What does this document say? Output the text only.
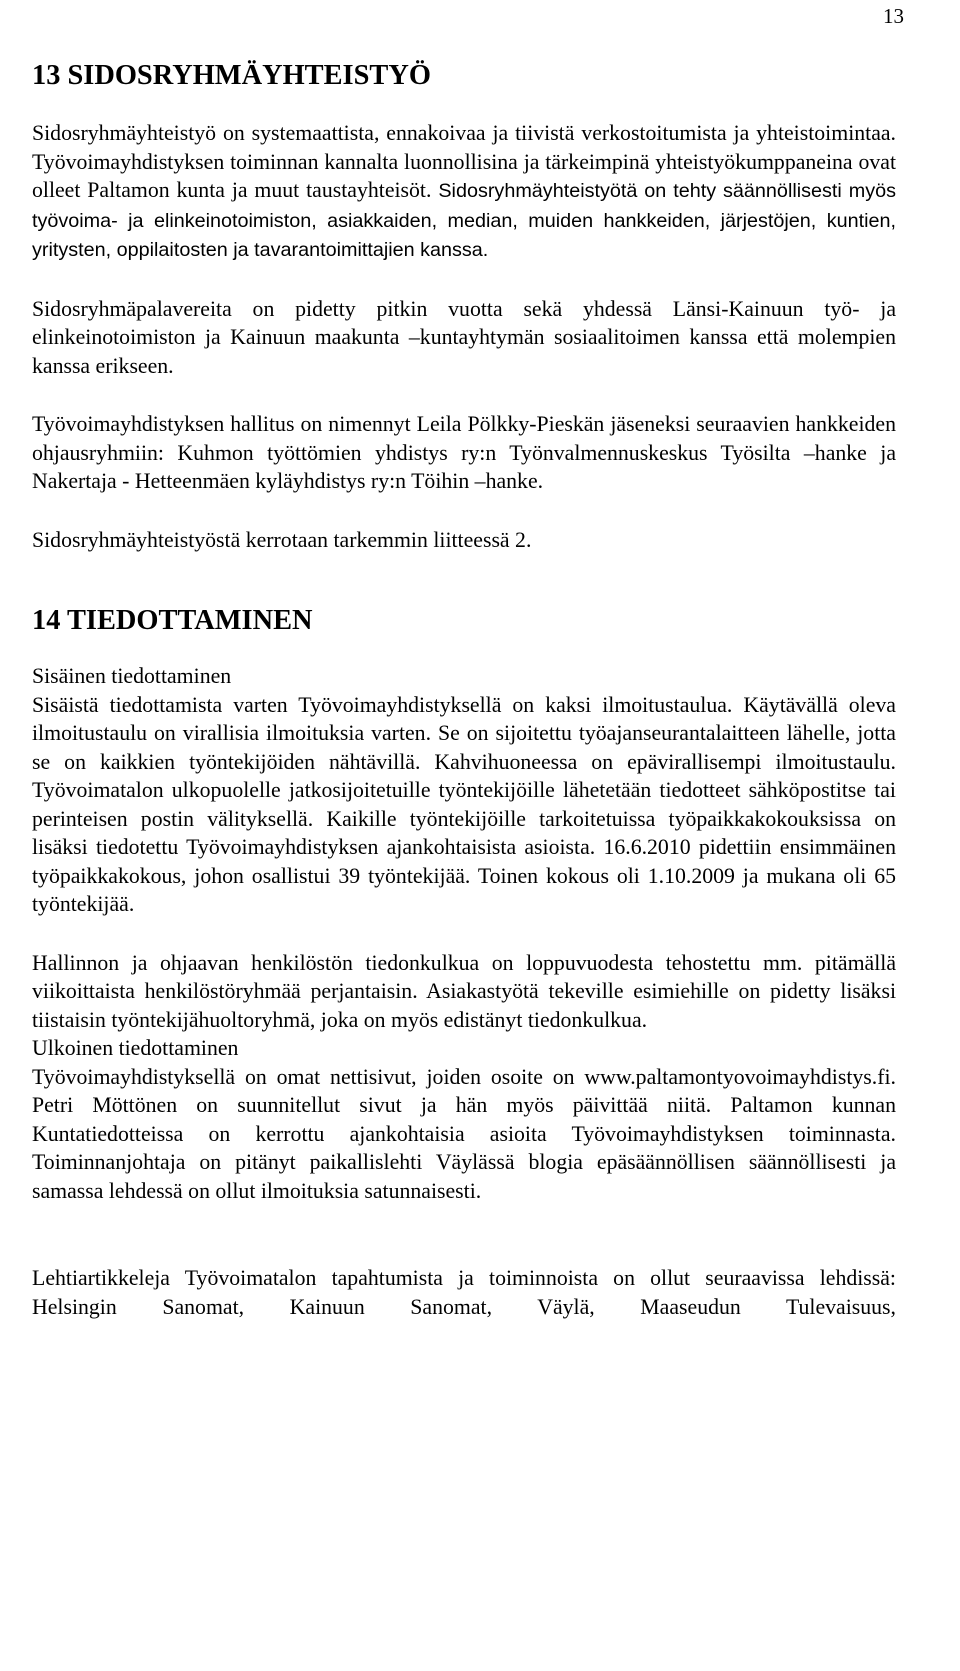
13
13 SIDOSRYHMÄYHTEISTYÖ

Sidosryhmäyhteistyö on systemaattista, ennakoivaa ja tiivistä verkostoitumista ja yhteistoimintaa. Työvoimayhdistyksen toiminnan kannalta luonnollisina ja tärkeimpinä yhteistyökumppaneina ovat olleet Paltamon kunta ja muut taustayhteisöt. Sidosryhmäyhteistyötä on tehty säännöllisesti myös työvoima- ja elinkeinotoimiston, asiakkaiden, median, muiden hankkeiden, järjestöjen, kuntien, yritysten, oppilaitosten ja tavarantoimittajien kanssa.

Sidosryhmäpalavereita on pidetty pitkin vuotta sekä yhdessä Länsi-Kainuun työ- ja elinkeinotoimiston ja Kainuun maakunta –kuntayhtymän sosiaalitoimen kanssa että molempien kanssa erikseen.

Työvoimayhdistyksen hallitus on nimennyt Leila Pölkky-Pieskän jäseneksi seuraavien hankkeiden ohjausryhmiin: Kuhmon työttömien yhdistys ry:n Työnvalmennuskeskus Työsilta –hanke ja Nakertaja - Hetteenmäen kyläyhdistys ry:n Töihin –hanke.

Sidosryhmäyhteistyöstä kerrotaan tarkemmin liitteessä 2.

14 TIEDOTTAMINEN
Sisäinen tiedottaminen

Sisäistä tiedottamista varten Työvoimayhdistyksellä on kaksi ilmoitustaulua. Käytävällä oleva ilmoitustaulu on virallisia ilmoituksia varten. Se on sijoitettu työajanseurantalaitteen lähelle, jotta se on kaikkien työntekijöiden nähtävillä. Kahvihuoneessa on epävirallisempi ilmoitustaulu. Työvoimatalon ulkopuolelle jatkosijoitetuille työntekijöille lähetetään tiedotteet sähköpostitse tai perinteisen postin välityksellä. Kaikille työntekijöille tarkoitetuissa työpaikkakokouksissa on lisäksi tiedotettu Työvoimayhdistyksen ajankohtaisista asioista. 16.6.2010 pidettiin ensimmäinen työpaikkakokous, johon osallistui 39 työntekijää. Toinen kokous oli 1.10.2009 ja mukana oli 65 työntekijää.

Hallinnon ja ohjaavan henkilöstön tiedonkulkua on loppuvuodesta tehostettu mm. pitämällä viikoittaista henkilöstöryhmää perjantaisin. Asiakastyötä tekeville esimiehille on pidetty lisäksi tiistaisin työntekijähuoltoryhmä, joka on myös edistänyt tiedonkulkua.

Ulkoinen tiedottaminen

Työvoimayhdistyksellä on omat nettisivut, joiden osoite on www.paltamontyovoimayhdistys.fi. Petri Möttönen on suunnitellut sivut ja hän myös päivittää niitä. Paltamon kunnan Kuntatiedotteissa on kerrottu ajankohtaisia asioita Työvoimayhdistyksen toiminnasta. Toiminnanjohtaja on pitänyt paikallislehti Väylässä blogia epäsäännöllisen säännöllisesti ja samassa lehdessä on ollut ilmoituksia satunnaisesti.

Lehtiartikkeleja Työvoimatalon tapahtumista ja toiminnoista on ollut seuraavissa lehdissä: Helsingin Sanomat, Kainuun Sanomat, Väylä, Maaseudun Tulevaisuus,
